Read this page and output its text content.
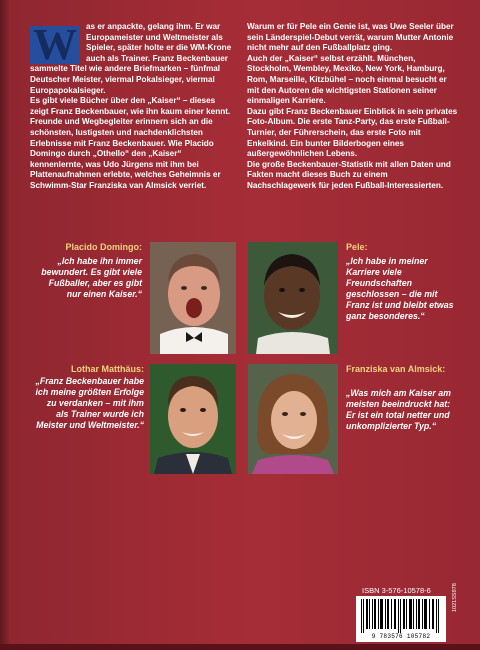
W	as er anpackte, gelang ihm. Er war Europameister und Weltmeister als Spieler, später holte er die WM-Krone auch als Trainer. Franz Beckenbauer sammelte Titel wie andere Briefmarken – fünfmal Deutscher Meister, viermal Pokalsieger, viermal Europapokalsieger.

Es gibt viele Bücher über den „Kaiser“ – dieses zeigt Franz Beckenbauer, wie ihn kaum einer kennt.

Freunde und Wegbegleiter erinnern sich an die schönsten, lustigsten und nachdenklichsten Erlebnisse mit Franz Beckenbauer. Wie Placido Domingo durch „Othello“ den „Kaiser“ kennenlernte, was Udo Jürgens mit ihm bei Plattenaufnahmen erlebte, welches Geheimnis er Schwimm-Star Franziska van Almsick verriet.

Warum er für Pele ein Genie ist, was Uwe Seeler über sein Länderspiel-Debut verrät, warum Mutter Antonie nicht mehr auf den Fußballplatz ging.

Auch der „Kaiser“ selbst erzählt. München, Stockholm, Wembley, Mexiko, New York, Hamburg, Rom, Marseille, Kitzbühel – noch einmal besucht er mit den Autoren die wichtigsten Stationen seiner einmaligen Karriere.

Dazu gibt Franz Beckenbauer Einblick in sein privates Foto-Album. Die erste Tanz-Party, das erste Fußball-Turnier, der Führerschein, das erste Foto mit Enkelkind. Ein bunter Bilderbogen eines außergewöhnlichen Lebens.

Die große Beckenbauer-Statistik mit allen Daten und Fakten macht dieses Buch zu einem Nachschlagewerk für jeden Fußball-Interessierten.

Placido Domingo:
„Ich habe ihn immer bewundert. Es gibt viele Fußballer, aber es gibt nur einen Kaiser.“
Pele:
„Ich habe in meiner Karriere viele Freundschaften geschlossen – die mit Franz ist und bleibt etwas ganz besonderes.“
Lothar Matthäus:
„Franz Beckenbauer habe ich meine größten Erfolge zu verdanken – mit ihm als Trainer wurde ich Meister und Weltmeister.“
Franziska van Almsick:
„Was mich am Kaiser am meisten beeindruckt hat: Er ist ein total netter und unkomplizierter Typ.“
ISBN 3-576-10578-6
9 783576 105782
1021SS978
